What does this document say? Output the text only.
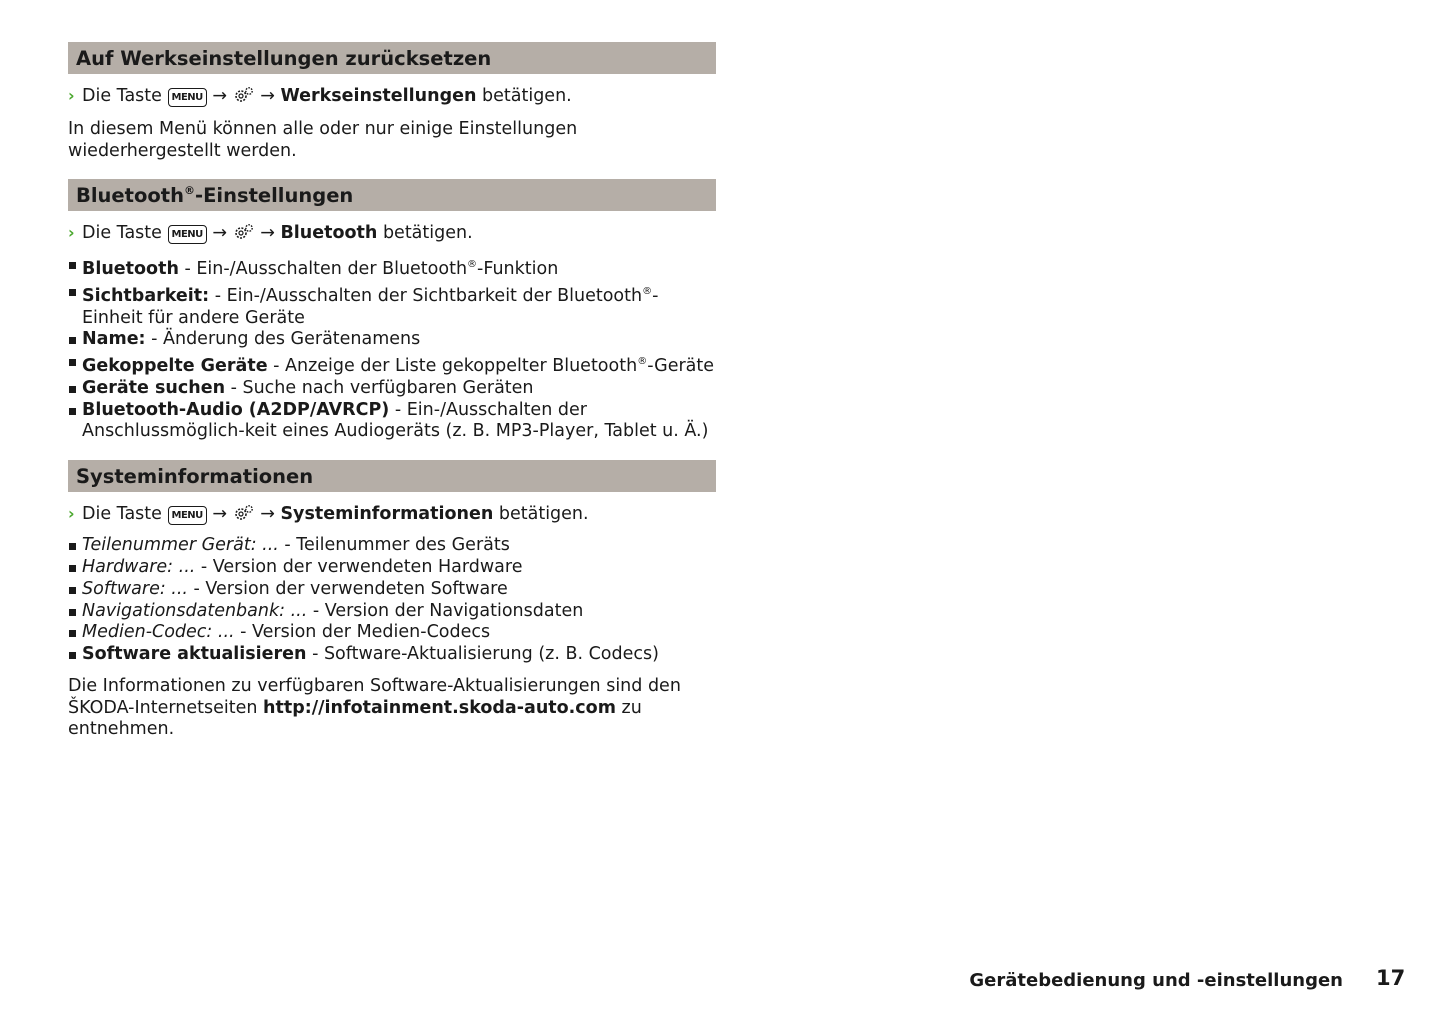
Auf Werkseinstellungen zurücksetzen
› Die Taste MENU → → Werkseinstellungen betätigen.
In diesem Menü können alle oder nur einige Einstellungen wiederhergestellt werden.
Bluetooth®-Einstellungen
› Die Taste MENU → → Bluetooth betätigen.
Bluetooth - Ein-/Ausschalten der Bluetooth®-Funktion
Sichtbarkeit: - Ein-/Ausschalten der Sichtbarkeit der Bluetooth®-Einheit für andere Geräte
Name: - Änderung des Gerätenamens
Gekoppelte Geräte - Anzeige der Liste gekoppelter Bluetooth®-Geräte
Geräte suchen - Suche nach verfügbaren Geräten
Bluetooth-Audio (A2DP/AVRCP) - Ein-/Ausschalten der Anschlussmöglich-keit eines Audiogeräts (z. B. MP3-Player, Tablet u. Ä.)
Systeminformationen
› Die Taste MENU → → Systeminformationen betätigen.
Teilenummer Gerät: ... - Teilenummer des Geräts
Hardware: ... - Version der verwendeten Hardware
Software: ... - Version der verwendeten Software
Navigationsdatenbank: ... - Version der Navigationsdaten
Medien-Codec: ... - Version der Medien-Codecs
Software aktualisieren - Software-Aktualisierung (z. B. Codecs)
Die Informationen zu verfügbaren Software-Aktualisierungen sind den ŠKODA-Internetseiten http://infotainment.skoda-auto.com zu entnehmen.
Gerätebedienung und -einstellungen 17
